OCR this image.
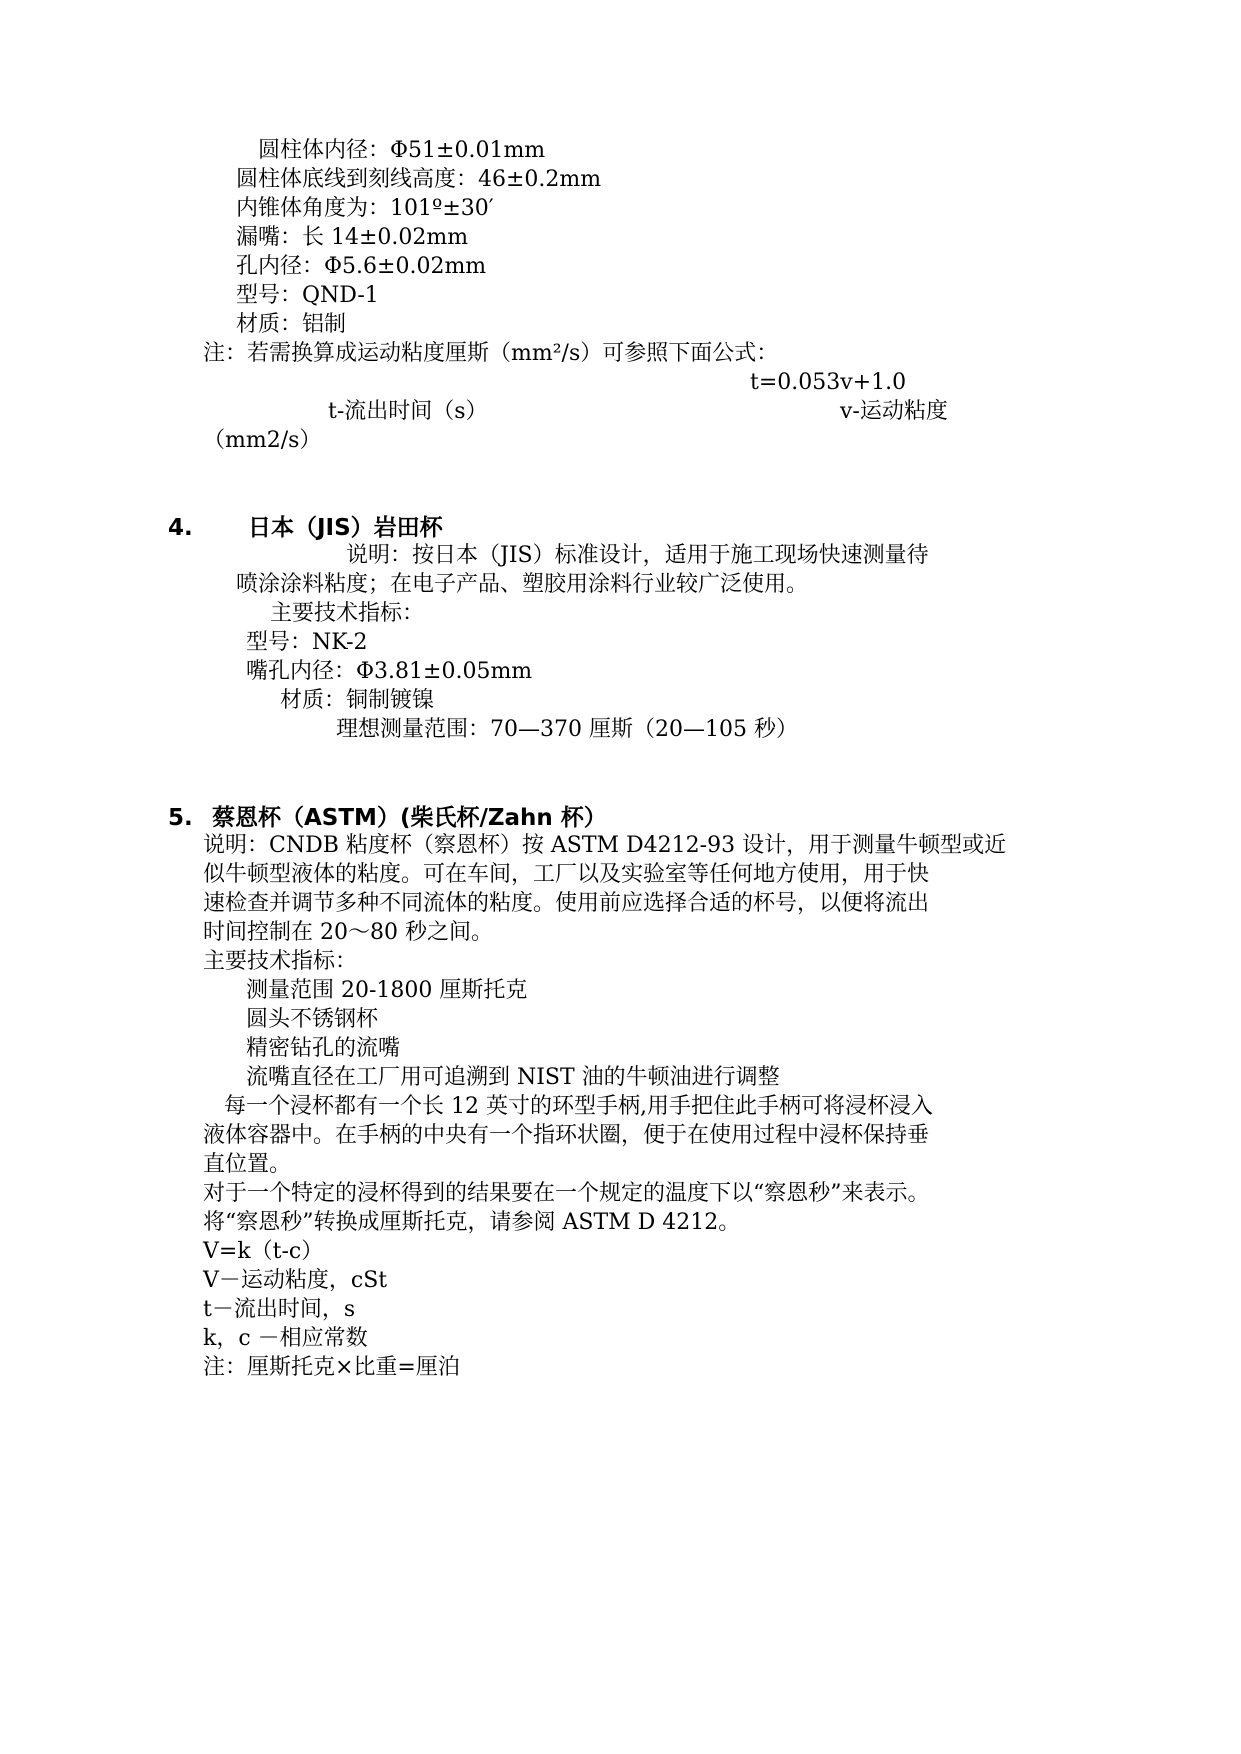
圆柱体内径：Φ51±0.01mm
圆柱体底线到刻线高度：46±0.2mm
内锥体角度为：101º±30′
漏嘴：长 14±0.02mm
孔内径：Φ5.6±0.02mm
型号：QND-1
材质：铝制
注：若需换算成运动粘度厘斯（mm²/s）可参照下面公式：
t=0.053v+1.0
t-流出时间（s）	v-运动粘度
（mm2/s）
4. 日本（JIS）岩田杯
说明：按日本（JIS）标准设计，适用于施工现场快速测量待
喷涂涂料粘度；在电子产品、塑胶用涂料行业较广泛使用。
主要技术指标：
型号：NK-2
嘴孔内径：Φ3.81±0.05mm
材质：铜制镀镍
理想测量范围：70—370 厘斯（20—105 秒）
5. 蔡恩杯（ASTM）(柴氏杯/Zahn 杯）
说明：CNDB 粘度杯（察恩杯）按 ASTM D4212-93 设计，用于测量牛顿型或近
似牛顿型液体的粘度。可在车间，工厂以及实验室等任何地方使用，用于快
速检查并调节多种不同流体的粘度。使用前应选择合适的杯号，以便将流出
时间控制在 20～80 秒之间。
主要技术指标：
测量范围 20-1800 厘斯托克
圆头不锈钢杯
精密钻孔的流嘴
流嘴直径在工厂用可追溯到 NIST 油的牛顿油进行调整
每一个浸杯都有一个长 12 英寸的环型手柄,用手把住此手柄可将浸杯浸入
液体容器中。在手柄的中央有一个指环状圈，便于在使用过程中浸杯保持垂
直位置。
对于一个特定的浸杯得到的结果要在一个规定的温度下以“察恩秒”来表示。
将“察恩秒”转换成厘斯托克，请参阅 ASTM D 4212。
V=k（t-c）
V－运动粘度，cSt
t－流出时间，s
k，c －相应常数
注：厘斯托克×比重=厘泊
